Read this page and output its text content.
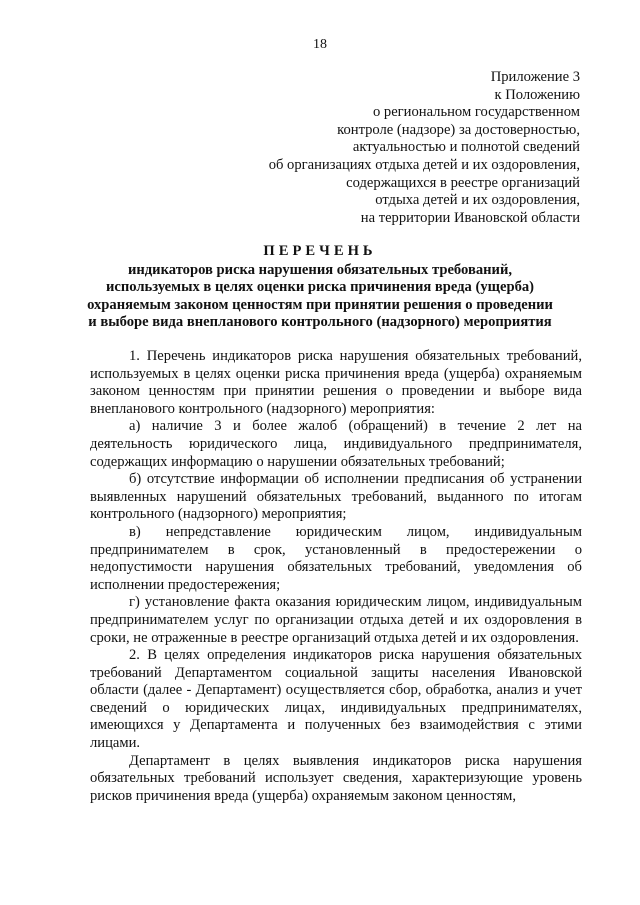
18
Приложение 3
к Положению
о региональном государственном
контроле (надзоре) за достоверностью,
актуальностью и полнотой сведений
об организациях отдыха детей и их оздоровления,
содержащихся в реестре организаций
отдыха детей и их оздоровления,
на территории Ивановской области
ПЕРЕЧЕНЬ
индикаторов риска нарушения обязательных требований,
используемых в целях оценки риска причинения вреда (ущерба)
охраняемым законом ценностям при принятии решения о проведении
и выборе вида внепланового контрольного (надзорного) мероприятия

1. Перечень индикаторов риска нарушения обязательных требований, используемых в целях оценки риска причинения вреда (ущерба) охраняемым законом ценностям при принятии решения о проведении и выборе вида внепланового контрольного (надзорного) мероприятия:

а) наличие 3 и более жалоб (обращений) в течение 2 лет на деятельность юридического лица, индивидуального предпринимателя, содержащих информацию о нарушении обязательных требований;

б) отсутствие информации об исполнении предписания об устранении выявленных нарушений обязательных требований, выданного по итогам контрольного (надзорного) мероприятия;

в) непредставление юридическим лицом, индивидуальным предпринимателем в срок, установленный в предостережении о недопустимости нарушения обязательных требований, уведомления об исполнении предостережения;

г) установление факта оказания юридическим лицом, индивидуальным предпринимателем услуг по организации отдыха детей и их оздоровления в сроки, не отраженные в реестре организаций отдыха детей и их оздоровления.

2. В целях определения индикаторов риска нарушения обязательных требований Департаментом социальной защиты населения Ивановской области (далее - Департамент) осуществляется сбор, обработка, анализ и учет сведений о юридических лицах, индивидуальных предпринимателях, имеющихся у Департамента и полученных без взаимодействия с этими лицами.

Департамент в целях выявления индикаторов риска нарушения обязательных требований использует сведения, характеризующие уровень рисков причинения вреда (ущерба) охраняемым законом ценностям,
